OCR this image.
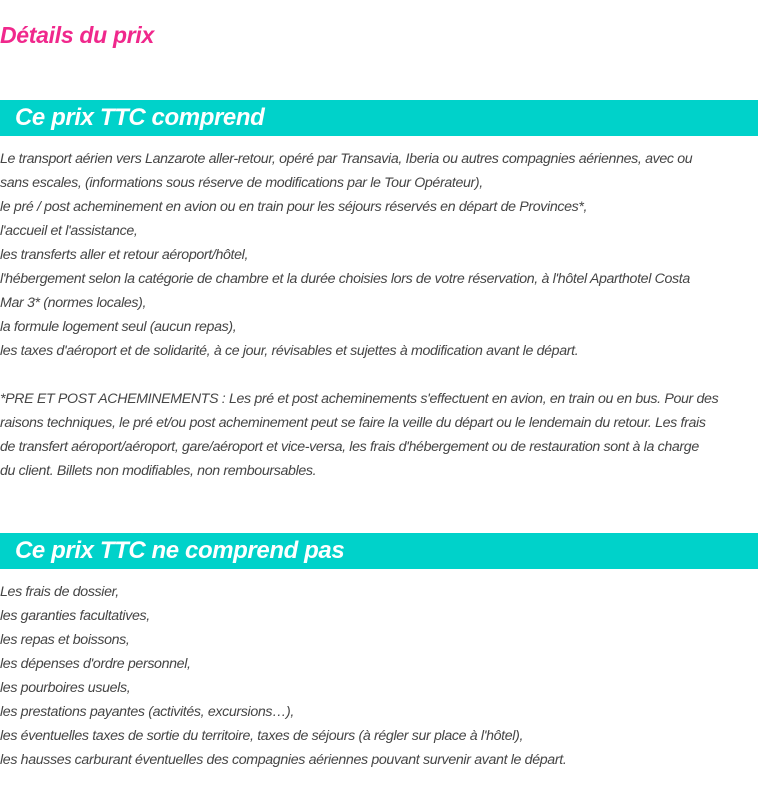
Détails du prix
Ce prix TTC comprend
Le transport aérien vers Lanzarote aller-retour, opéré par Transavia, Iberia ou autres compagnies aériennes, avec ou
sans escales, (informations sous réserve de modifications par le Tour Opérateur),
le pré / post acheminement en avion ou en train pour les séjours réservés en départ de Provinces*,
l'accueil et l'assistance,
les transferts aller et retour aéroport/hôtel,
l'hébergement selon la catégorie de chambre et la durée choisies lors de votre réservation, à l'hôtel Aparthotel Costa
Mar 3* (normes locales),
la formule logement seul (aucun repas),
les taxes d'aéroport et de solidarité, à ce jour, révisables et sujettes à modification avant le départ.
*PRE ET POST ACHEMINEMENTS : Les pré et post acheminements s'effectuent en avion, en train ou en bus. Pour des
raisons techniques, le pré et/ou post acheminement peut se faire la veille du départ ou le lendemain du retour. Les frais
de transfert aéroport/aéroport, gare/aéroport et vice-versa, les frais d'hébergement ou de restauration sont à la charge
du client. Billets non modifiables, non remboursables.
Ce prix TTC ne comprend pas
Les frais de dossier,
les garanties facultatives,
les repas et boissons,
les dépenses d'ordre personnel,
les pourboires usuels,
les prestations payantes (activités, excursions…),
les éventuelles taxes de sortie du territoire, taxes de séjours (à régler sur place à l'hôtel),
les hausses carburant éventuelles des compagnies aériennes pouvant survenir avant le départ.
